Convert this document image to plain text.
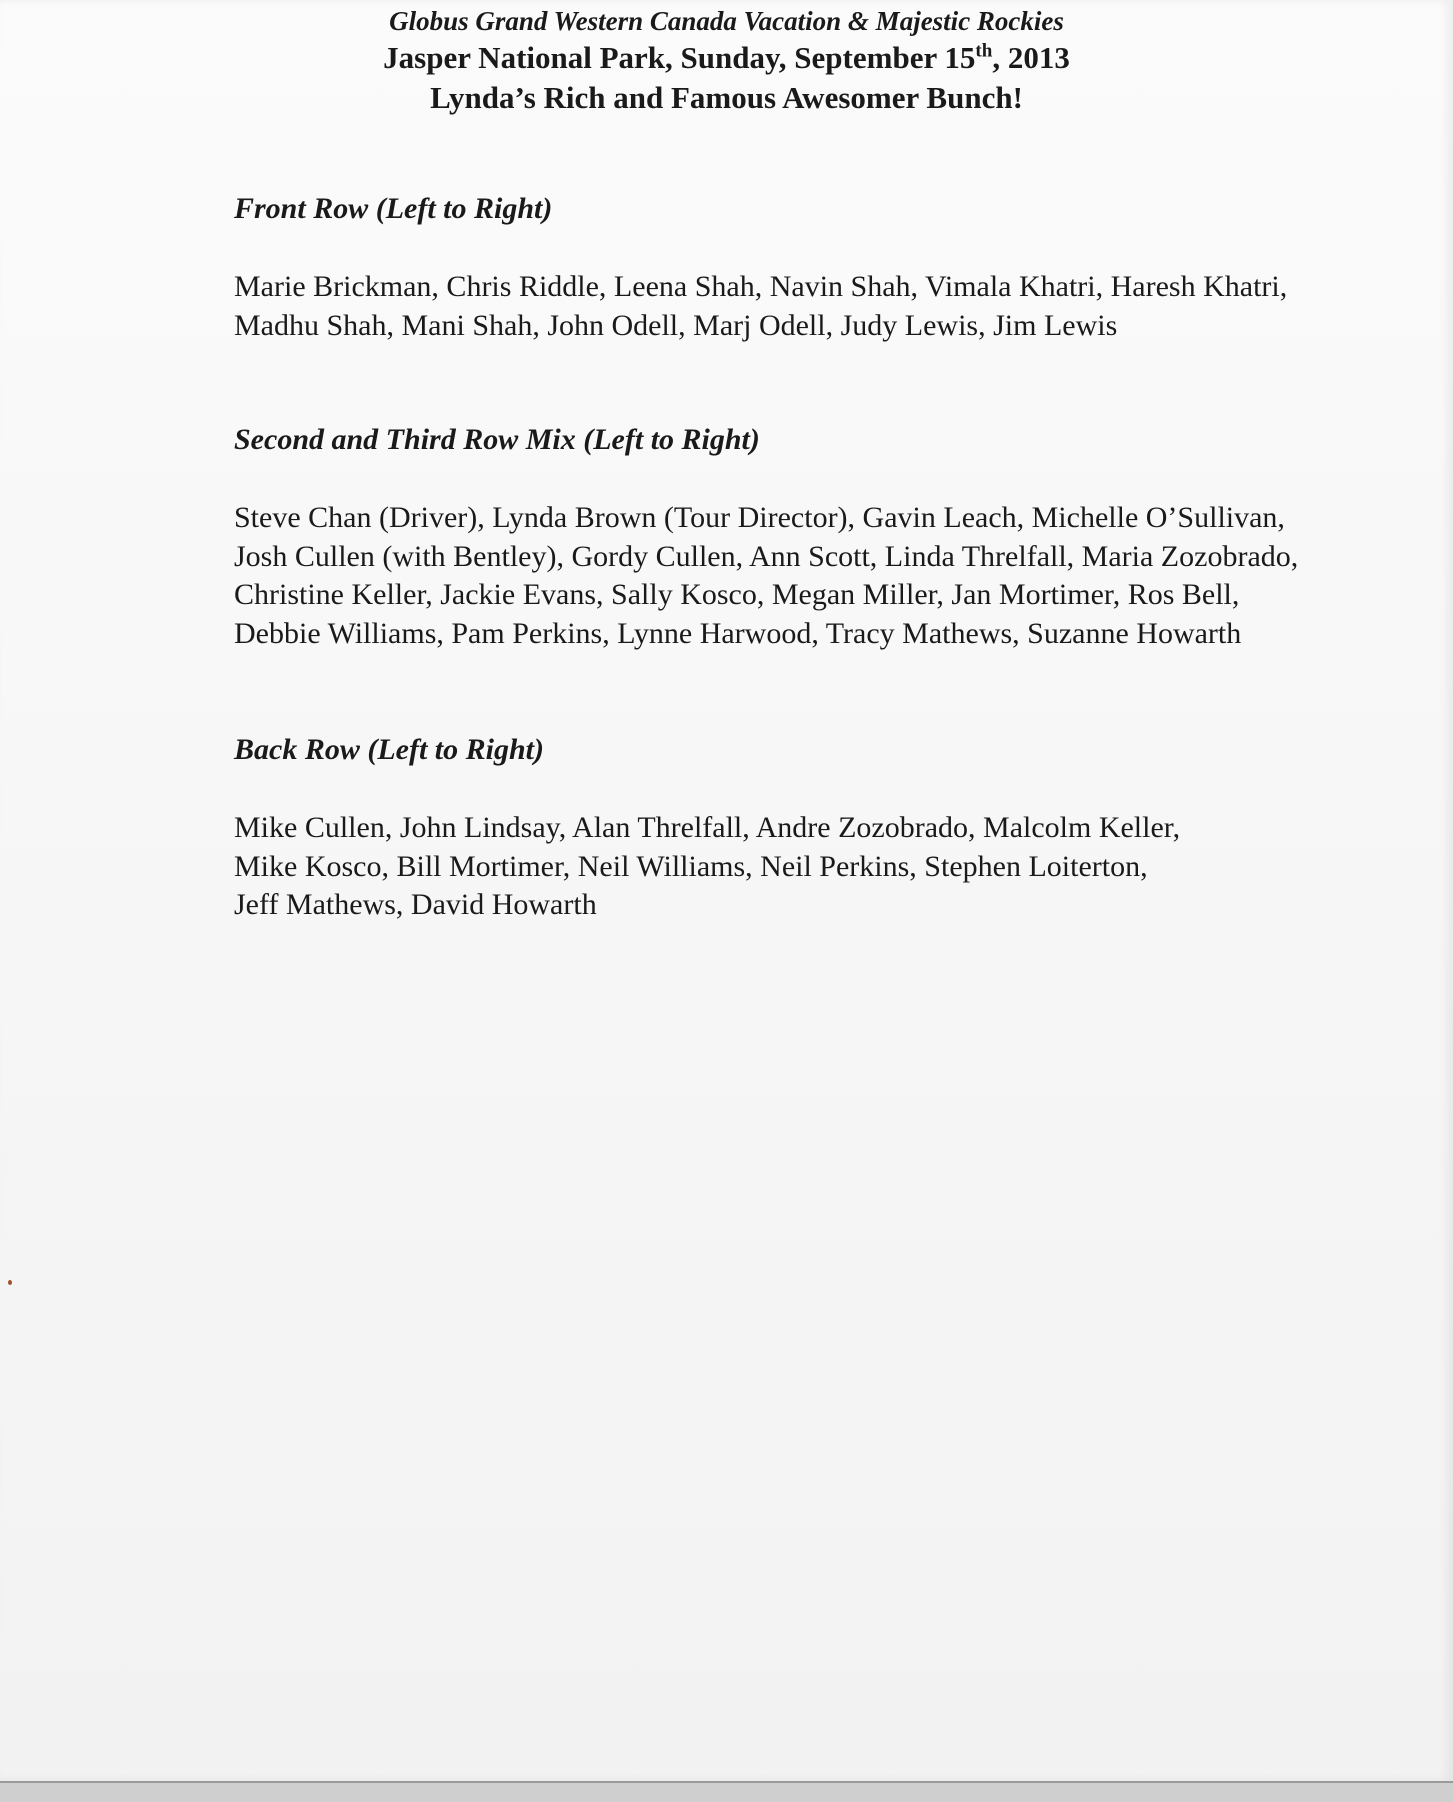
Globus Grand Western Canada Vacation & Majestic Rockies
Jasper National Park, Sunday, September 15th, 2013
Lynda’s Rich and Famous Awesomer Bunch!

Front Row (Left to Right)

Marie Brickman, Chris Riddle, Leena Shah, Navin Shah, Vimala Khatri, Haresh Khatri,
Madhu Shah, Mani Shah, John Odell, Marj Odell, Judy Lewis, Jim Lewis

Second and Third Row Mix (Left to Right)

Steve Chan (Driver), Lynda Brown (Tour Director), Gavin Leach, Michelle O’Sullivan,
Josh Cullen (with Bentley), Gordy Cullen, Ann Scott, Linda Threlfall, Maria Zozobrado,
Christine Keller, Jackie Evans, Sally Kosco, Megan Miller, Jan Mortimer, Ros Bell,
Debbie Williams, Pam Perkins, Lynne Harwood, Tracy Mathews, Suzanne Howarth

Back Row (Left to Right)

Mike Cullen, John Lindsay, Alan Threlfall, Andre Zozobrado, Malcolm Keller,
Mike Kosco, Bill Mortimer, Neil Williams, Neil Perkins, Stephen Loiterton,
Jeff Mathews, David Howarth
